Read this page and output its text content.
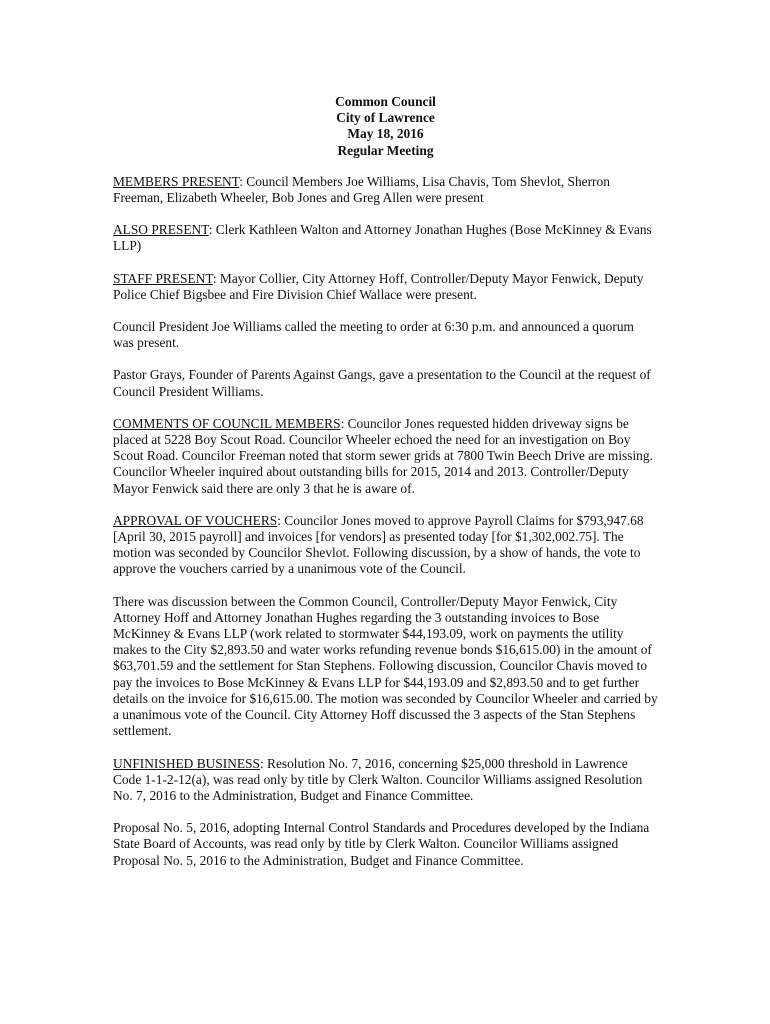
Common Council
City of Lawrence
May 18, 2016
Regular Meeting

MEMBERS PRESENT: Council Members Joe Williams, Lisa Chavis, Tom Shevlot, Sherron Freeman, Elizabeth Wheeler, Bob Jones and Greg Allen were present

ALSO PRESENT: Clerk Kathleen Walton and Attorney Jonathan Hughes (Bose McKinney & Evans LLP)

STAFF PRESENT: Mayor Collier, City Attorney Hoff, Controller/Deputy Mayor Fenwick, Deputy Police Chief Bigsbee and Fire Division Chief Wallace were present.

Council President Joe Williams called the meeting to order at 6:30 p.m. and announced a quorum was present.

Pastor Grays, Founder of Parents Against Gangs, gave a presentation to the Council at the request of Council President Williams.

COMMENTS OF COUNCIL MEMBERS: Councilor Jones requested hidden driveway signs be placed at 5228 Boy Scout Road. Councilor Wheeler echoed the need for an investigation on Boy Scout Road. Councilor Freeman noted that storm sewer grids at 7800 Twin Beech Drive are missing. Councilor Wheeler inquired about outstanding bills for 2015, 2014 and 2013. Controller/Deputy Mayor Fenwick said there are only 3 that he is aware of.

APPROVAL OF VOUCHERS: Councilor Jones moved to approve Payroll Claims for $793,947.68 [April 30, 2015 payroll] and invoices [for vendors] as presented today [for $1,302,002.75]. The motion was seconded by Councilor Shevlot. Following discussion, by a show of hands, the vote to approve the vouchers carried by a unanimous vote of the Council.

There was discussion between the Common Council, Controller/Deputy Mayor Fenwick, City Attorney Hoff and Attorney Jonathan Hughes regarding the 3 outstanding invoices to Bose McKinney & Evans LLP (work related to stormwater $44,193.09, work on payments the utility makes to the City $2,893.50 and water works refunding revenue bonds $16,615.00) in the amount of $63,701.59 and the settlement for Stan Stephens. Following discussion, Councilor Chavis moved to pay the invoices to Bose McKinney & Evans LLP for $44,193.09 and $2,893.50 and to get further details on the invoice for $16,615.00. The motion was seconded by Councilor Wheeler and carried by a unanimous vote of the Council. City Attorney Hoff discussed the 3 aspects of the Stan Stephens settlement.

UNFINISHED BUSINESS: Resolution No. 7, 2016, concerning $25,000 threshold in Lawrence Code 1-1-2-12(a), was read only by title by Clerk Walton. Councilor Williams assigned Resolution No. 7, 2016 to the Administration, Budget and Finance Committee.

Proposal No. 5, 2016, adopting Internal Control Standards and Procedures developed by the Indiana State Board of Accounts, was read only by title by Clerk Walton. Councilor Williams assigned Proposal No. 5, 2016 to the Administration, Budget and Finance Committee.
